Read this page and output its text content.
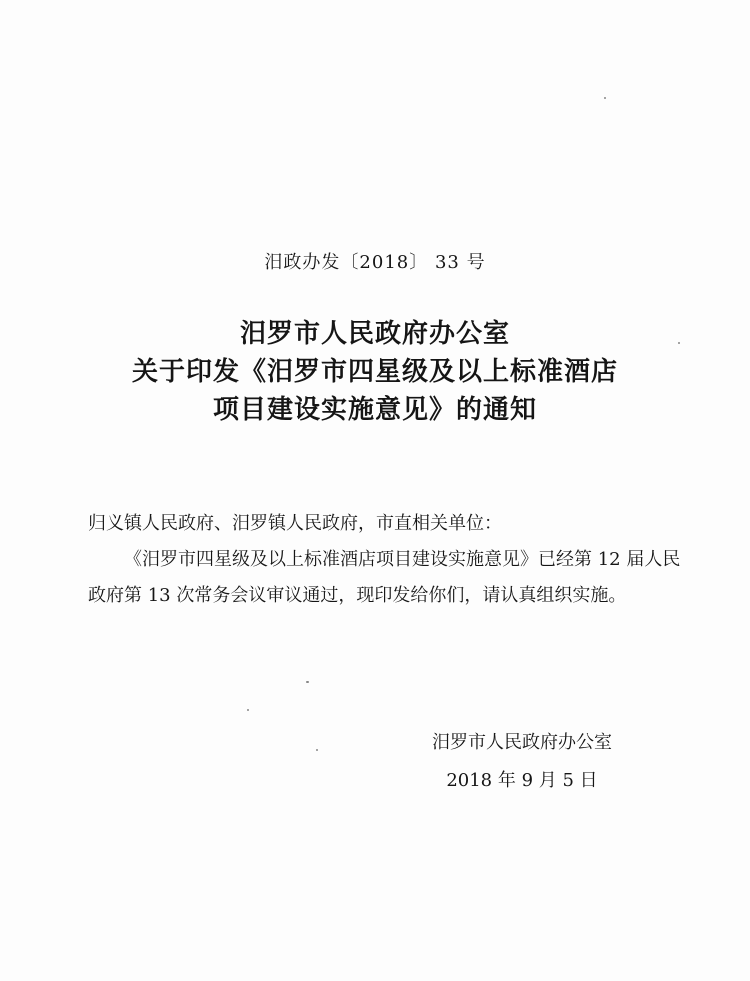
汨政办发〔2018〕 33 号
汨罗市人民政府办公室
关于印发《汨罗市四星级及以上标准酒店
项目建设实施意见》的通知
归义镇人民政府、汨罗镇人民政府，市直相关单位：
《汨罗市四星级及以上标准酒店项目建设实施意见》已经第 12 届人民政府第 13 次常务会议审议通过，现印发给你们，请认真组织实施。
汨罗市人民政府办公室
2018 年 9 月 5 日
